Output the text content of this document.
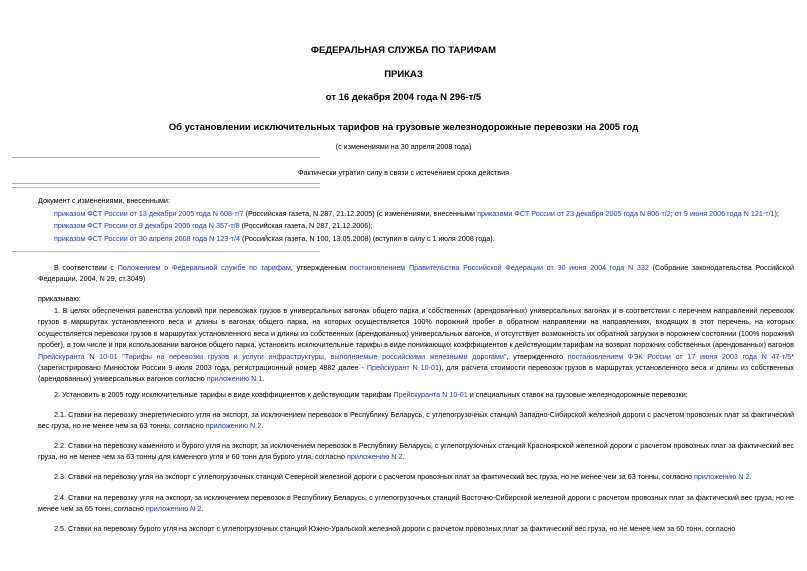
ФЕДЕРАЛЬНАЯ СЛУЖБА ПО ТАРИФАМ
ПРИКАЗ
от 16 декабря 2004 года N 296-т/5
Об установлении исключительных тарифов на грузовые железнодорожные перевозки на 2005 год
(с изменениями на 30 апреля 2008 года)
Фактически утратил силу в связи с истечением срока действия
Документ с изменениями, внесенными:

приказом ФСТ России от 13 декабря 2005 года N 608-т/7 (Российская газета, N 287, 21.12.2005) (с изменениями, внесенными приказами ФСТ России от 23 декабря 2005 года N 806-т/2; от 9 июня 2006 года N 121-т/1);

приказом ФСТ России от 9 декабря 2006 года N 357-т/8 (Российская газета, N 287, 21.12.2006);

приказом ФСТ России от 30 апреля 2008 года N 123-т/4 (Российская газета, N 100, 13.05.2008) (вступил в силу с 1 июля 2008 года).

В соответствии с Положением о Федеральной службе по тарифам, утвержденным постановлением Правительства Российской Федерации от 30 июня 2004 года N 332 (Собрание законодательства Российской Федерации, 2004, N 29, ст.3049)
приказываю:
1. В целях обеспечения равенства условий при перевозках грузов в универсальных вагонах общего парка и собственных (арендованных) универсальных вагонах и в соответствии с перечнем направлений перевозок грузов в маршрутах установленного веса и длины в вагонах общего парка, на которых осуществляется 100% порожний пробег в обратном направлении на направлениях, входящих в этот перечень, на которых осуществляется перевозки грузов в маршрутах установленного веса и длины из собственных (арендованных) универсальных вагонов, и отсутствует возможность их обратной загрузки в порожнем состоянии (100% порожний пробег), в том числе и при использовании вагонов общего парка, установить исключительные тарифы в виде понижающих коэффициентов к действующим тарифам на возврат порожних собственных (арендованных) вагонов Прейскуранта N 10-01 "Тарифы на перевозки грузов и услуги инфраструктуры, выполняемые российскими железными дорогами", утвержденного постановлением ФЭК России от 17 июня 2003 года N 47-т/5* (зарегистрировано Минюстом России 9 июля 2003 года, регистрационный номер 4882 далее - Прейскурант N 10-01), для расчета стоимости перевозок грузов в маршрутах установленного веса и длины из собственных (арендованных) универсальных вагонов согласно приложению N 1.
2. Установить в 2005 году исключительные тарифы в виде коэффициентов к действующим тарифам Прейскуранта N 10-01 и специальных ставок на грузовые железнодорожные перевозки:
2.1. Ставки на перевозку энергетического угля на экспорт, за исключением перевозок в Республику Беларусь, с углепогрузочных станций Западно-Сибирской железной дороги с расчетом провозных плат за фактический вес груза, но не менее чем за 63 тонны, согласно приложению N 2.
2.2. Ставки на перевозку каменного и бурого угля на экспорт, за исключением перевозок в Республику Беларусь, с углепогрузочных станций Красноярской железной дороги с расчетом провозных плат за фактический вес груза, но не менее чем за 63 тонны для каменного угля и 60 тонн для бурого угля, согласно приложению N 2.
2.3. Ставки на перевозку угля на экспорт с углепогрузочных станций Северной железной дороги с расчетом провозных плат за фактический вес груза, но не менее чем за 63 тонны, согласно приложению N 2.
2.4. Ставки на перевозку угля на экспорт, за исключением перевозок в Республику Беларусь, с углепогрузочных станций Восточно-Сибирской железной дороги с расчетом провозных плат за фактический вес груза, но не менее чем за 65 тонн, согласно приложению N 2.
2.5. Ставки на перевозку бурого угля на экспорт с углепогрузочных станций Южно-Уральской железной дороги с расчетом провозных плат за фактический вес груза, но не менее чем за 60 тонн, согласно
